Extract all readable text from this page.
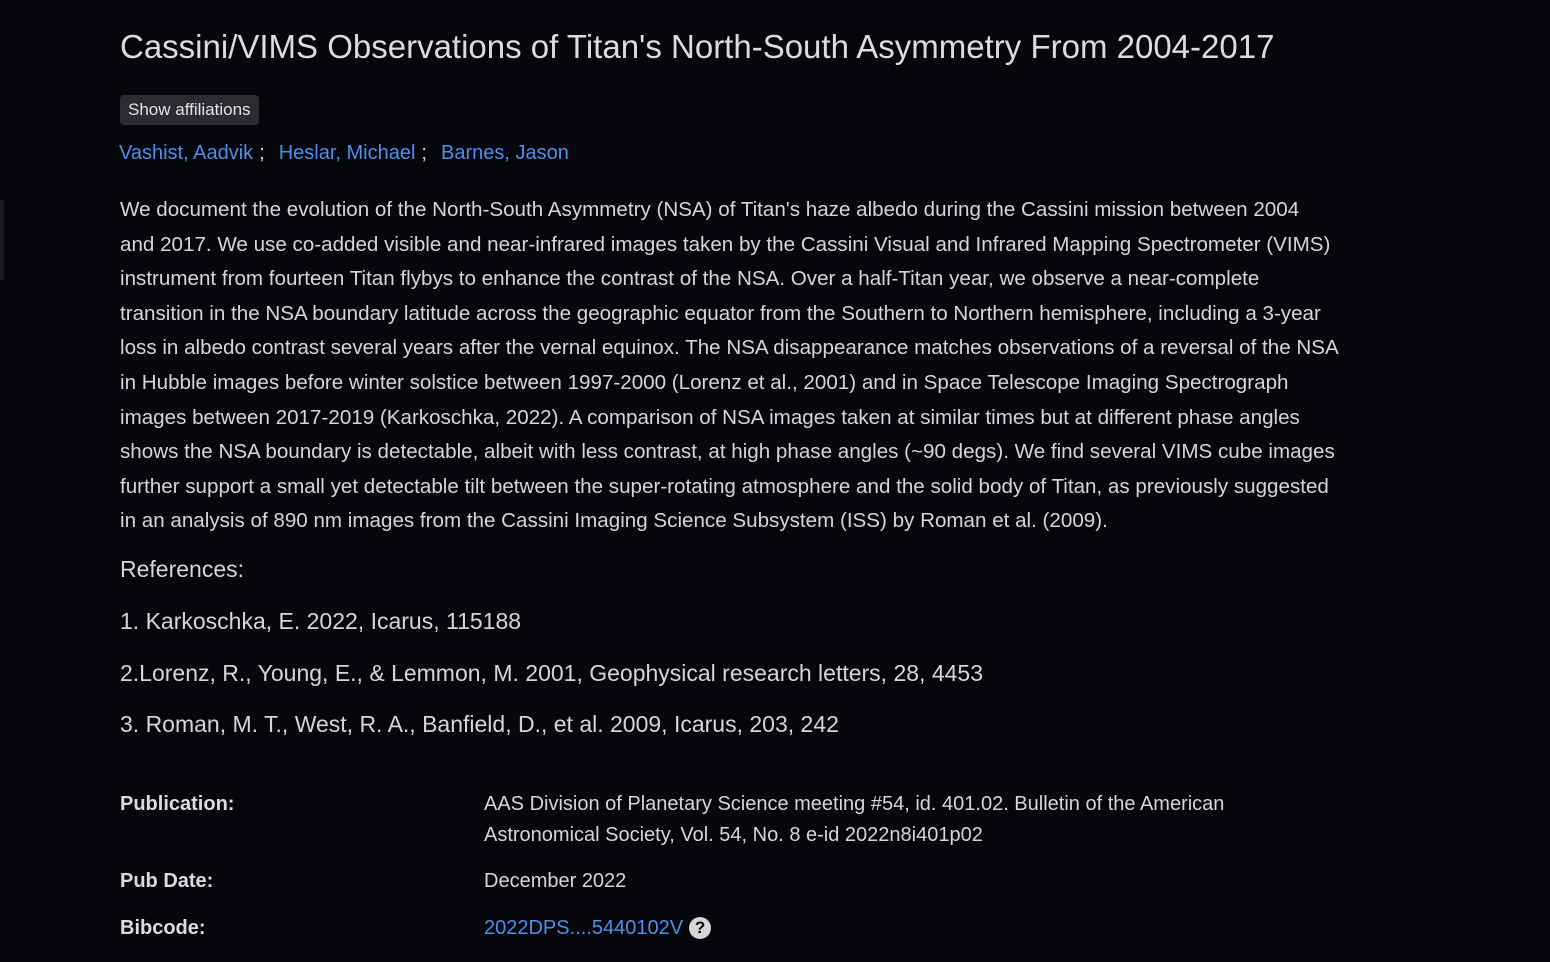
Cassini/VIMS Observations of Titan's North-South Asymmetry From 2004-2017
Show affiliations
Vashist, Aadvik ; Heslar, Michael ; Barnes, Jason
We document the evolution of the North-South Asymmetry (NSA) of Titan's haze albedo during the Cassini mission between 2004
and 2017. We use co-added visible and near-infrared images taken by the Cassini Visual and Infrared Mapping Spectrometer (VIMS)
instrument from fourteen Titan flybys to enhance the contrast of the NSA. Over a half-Titan year, we observe a near-complete
transition in the NSA boundary latitude across the geographic equator from the Southern to Northern hemisphere, including a 3-year
loss in albedo contrast several years after the vernal equinox. The NSA disappearance matches observations of a reversal of the NSA
in Hubble images before winter solstice between 1997-2000 (Lorenz et al., 2001) and in Space Telescope Imaging Spectrograph
images between 2017-2019 (Karkoschka, 2022). A comparison of NSA images taken at similar times but at different phase angles
shows the NSA boundary is detectable, albeit with less contrast, at high phase angles (~90 degs). We find several VIMS cube images
further support a small yet detectable tilt between the super-rotating atmosphere and the solid body of Titan, as previously suggested
in an analysis of 890 nm images from the Cassini Imaging Science Subsystem (ISS) by Roman et al. (2009).
References:
1. Karkoschka, E. 2022, Icarus, 115188
2.Lorenz, R., Young, E., & Lemmon, M. 2001, Geophysical research letters, 28, 4453
3. Roman, M. T., West, R. A., Banfield, D., et al. 2009, Icarus, 203, 242
Publication:	AAS Division of Planetary Science meeting #54, id. 401.02. Bulletin of the American
Astronomical Society, Vol. 54, No. 8 e-id 2022n8i401p02
Pub Date:	December 2022
Bibcode:	2022DPS....5440102V ?
